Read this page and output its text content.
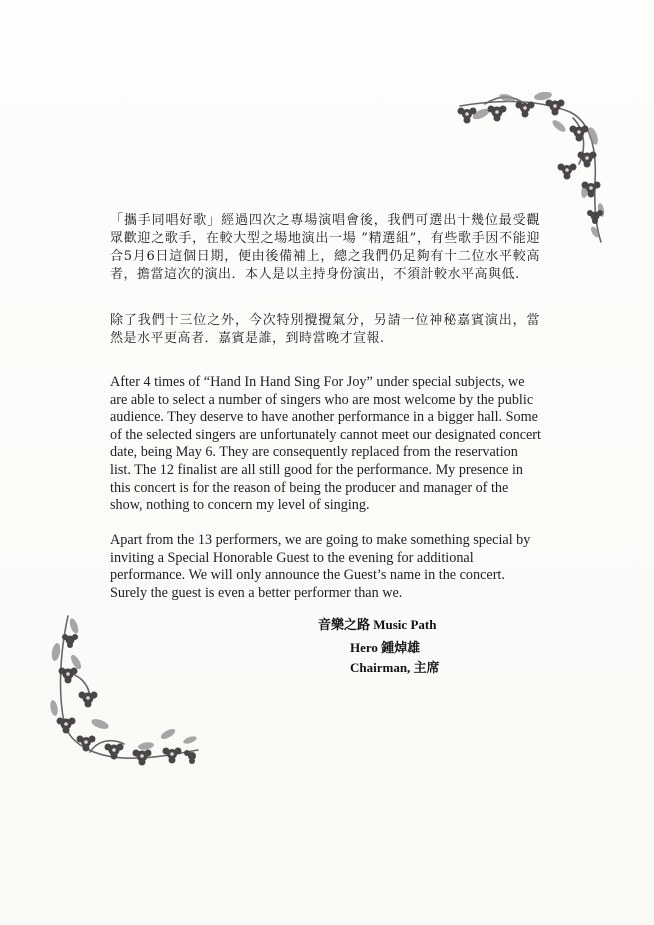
「攜手同唱好歌」經過四次之專場演唱會後，我們可選出十幾位最受觀眾歡迎之歌手，在較大型之場地演出一場 ”精選組”，有些歌手因不能迎合5月6日這個日期，便由後備補上，總之我們仍足夠有十二位水平較高者，擔當這次的演出．本人是以主持身份演出，不須計較水平高與低.
除了我們十三位之外，今次特別攪攪氣分，另請一位神秘嘉賓演出，當然是水平更高者．嘉賓是誰，到時當晚才宣報.
After 4 times of “Hand In Hand Sing For Joy” under special subjects, we are able to select a number of singers who are most welcome by the public audience. They deserve to have another performance in a bigger hall. Some of the selected singers are unfortunately cannot meet our designated concert date, being May 6. They are consequently replaced from the reservation list. The 12 finalist are all still good for the performance. My presence in this concert is for the reason of being the producer and manager of the show, nothing to concern my level of singing.
Apart from the 13 performers, we are going to make something special by inviting a Special Honorable Guest to the evening for additional performance. We will only announce the Guest’s name in the concert. Surely the guest is even a better performer than we.
音樂之路 Music Path
Hero 鍾焯雄
Chairman, 主席
